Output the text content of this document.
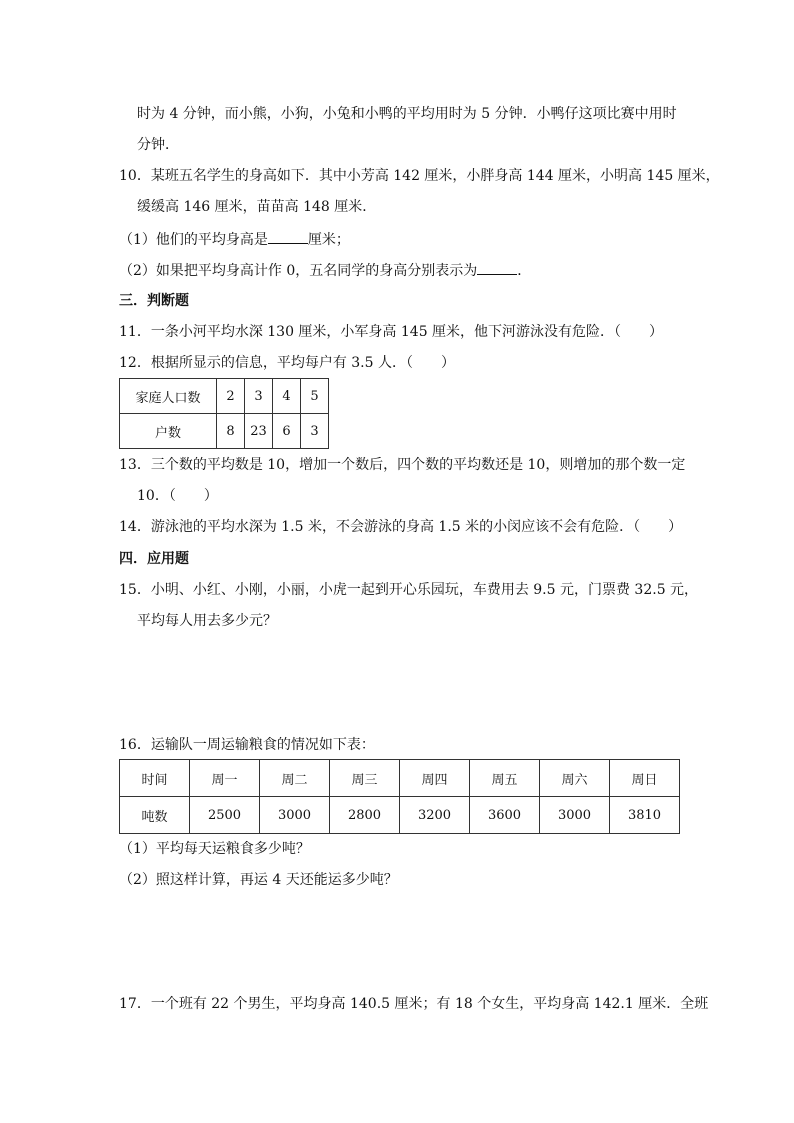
时为 4 分钟，而小熊，小狗，小兔和小鸭的平均用时为 5 分钟．小鸭仔这项比赛中用时
分钟．
10．某班五名学生的身高如下．其中小芳高 142 厘米，小胖身高 144 厘米，小明高 145 厘米，
缓缓高 146 厘米，苗苗高 148 厘米．
（1）他们的平均身高是	厘米；
（2）如果把平均身高计作 0，五名同学的身高分别表示为	．
三．判断题
11．一条小河平均水深 130 厘米，小军身高 145 厘米，他下河游泳没有危险．（　　）
12．根据所显示的信息，平均每户有 3.5 人．（　　）
家庭人口数	2	3	4	5
户数	8	23	6	3
13．三个数的平均数是 10，增加一个数后，四个数的平均数还是 10，则增加的那个数一定
10．（　　）
14．游泳池的平均水深为 1.5 米，不会游泳的身高 1.5 米的小闵应该不会有危险．（　　）
四．应用题
15．小明、小红、小刚，小丽，小虎一起到开心乐园玩，车费用去 9.5 元，门票费 32.5 元，
平均每人用去多少元？
16．运输队一周运输粮食的情况如下表：
时间	周一	周二	周三	周四	周五	周六	周日
吨数	2500	3000	2800	3200	3600	3000	3810
（1）平均每天运粮食多少吨？
（2）照这样计算，再运 4 天还能运多少吨？
17．一个班有 22 个男生，平均身高 140.5 厘米；有 18 个女生，平均身高 142.1 厘米．全班
